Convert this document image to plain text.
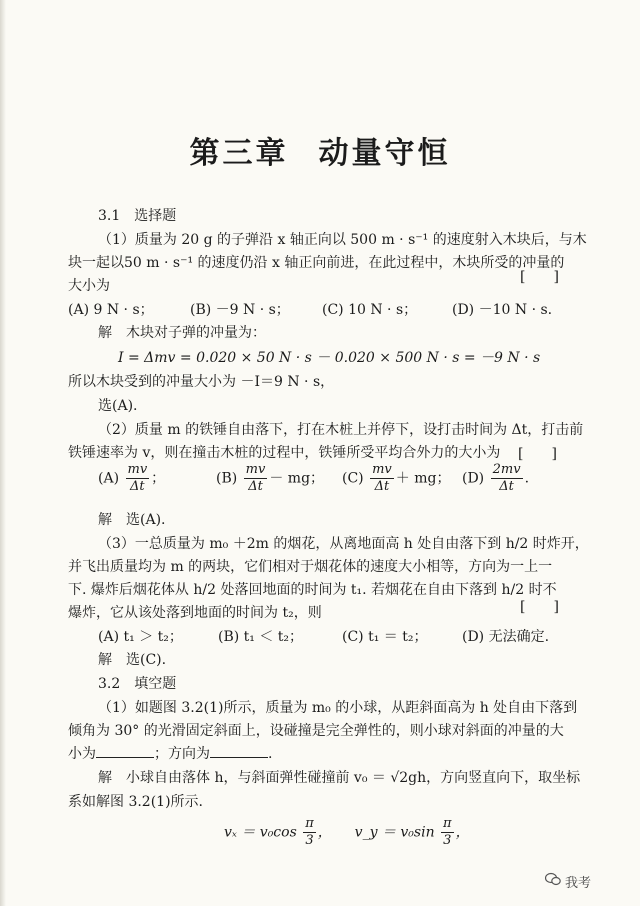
第三章 动量守恒
3.1　选择题
（1）质量为 20 g 的子弹沿 x 轴正向以 500 m · s⁻¹ 的速度射入木块后，与木
块一起以50 m · s⁻¹ 的速度仍沿 x 轴正向前进，在此过程中，木块所受的冲量的
大小为
[　　]
(A) 9 N · s；	(B) －9 N · s； (C) 10 N · s； (D) －10 N · s.
解　木块对子弹的冲量为：
I = Δmv = 0.020 × 50 N · s － 0.020 × 500 N · s = －9 N · s
所以木块受到的冲量大小为 －I＝9 N · s，
选(A).
（2）质量 m 的铁锤自由落下，打在木桩上并停下，设打击时间为 Δt，打击前
铁锤速率为 v，则在撞击木桩的过程中，铁锤所受平均合外力的大小为 [　　]
$(A) \frac{mv}{\Delta t}$ ；	$(B) \frac{mv}{\Delta t}$ － mg； $(C) \frac{mv}{\Delta t}$ ＋ mg； $(D) \frac{2mv}{\Delta t}$ .
解　选(A).
（3）一总质量为 m₀ ＋2m 的烟花，从离地面高 h 处自由落下到 h/2 时炸开，
并飞出质量均为 m 的两块，它们相对于烟花体的速度大小相等，方向为一上一
下. 爆炸后烟花体从 h/2 处落回地面的时间为 t₁. 若烟花在自由下落到 h/2 时不
爆炸，它从该处落到地面的时间为 t₂，则	[　　]
(A) t₁ ＞ t₂；	(B) t₁ ＜ t₂；	(C) t₁ ＝ t₂； (D) 无法确定.
解　选(C).
3.2　填空题
（1）如题图 3.2(1)所示，质量为 m₀ 的小球，从距斜面高为 h 处自由下落到
倾角为 30° 的光滑固定斜面上，设碰撞是完全弹性的，则小球对斜面的冲量的大
小为	；方向为	.
解　小球自由落体 h，与斜面弹性碰撞前 v₀ ＝ √2gh，方向竖直向下，取坐标
系如解图 3.2(1)所示.
$v_x = v_0\cos \frac{\pi}{3}$ ， v_y ＝ $v_0\sin \frac{\pi}{3}$ ，
我考
